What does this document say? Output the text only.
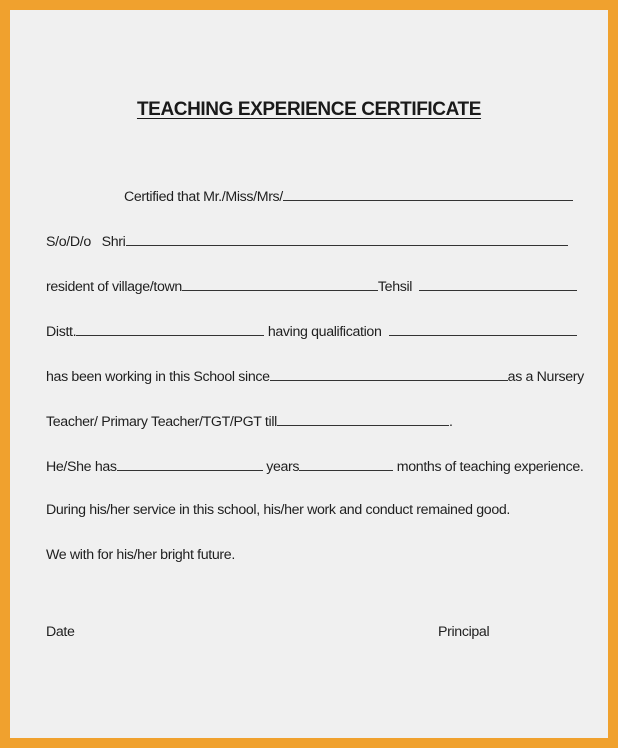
TEACHING EXPERIENCE CERTIFICATE
Certified that Mr./Miss/Mrs/
S/o/D/o Shri
resident of village/town	Tehsil
Distt.	having qualification
has been working in this School since	as a Nursery
Teacher/ Primary Teacher/TGT/PGT till	.
He/She has	years	months of teaching experience.
During his/her service in this school, his/her work and conduct remained good.
We with for his/her bright future.
Date	Principal
